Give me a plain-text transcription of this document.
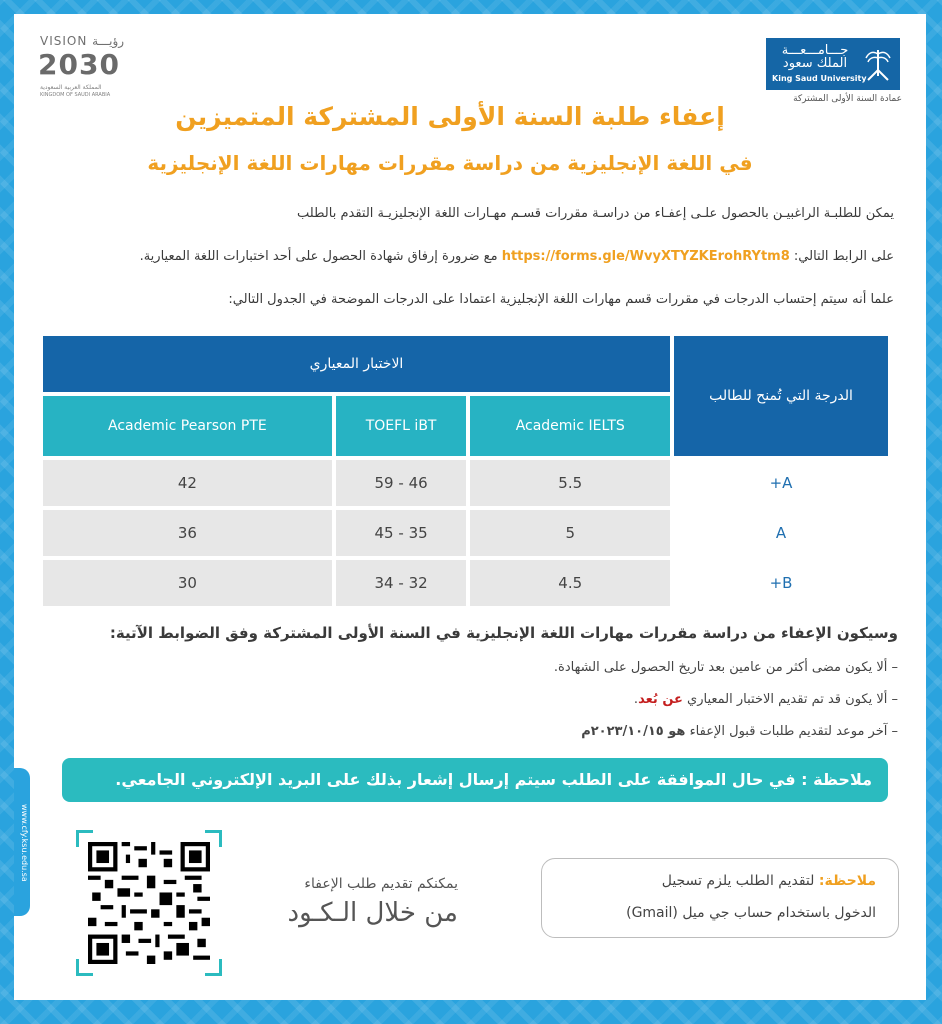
VISION رؤيـــة
2030
المملكة العربية السعودية
KINGDOM OF SAUDI ARABIA
جـــامـــعـــة الملك سعود
King Saud University
عمادة السنة الأولى المشتركة
إعفاء طلبة السنة الأولى المشتركة المتميزين
في اللغة الإنجليزية من دراسة مقررات مهارات اللغة الإنجليزية
يمكن للطلبـة الراغبيـن بالحصول علـى إعفـاء من دراسـة مقررات قسـم مهـارات اللغة الإنجليزيـة التقدم بالطلب
على الرابط التالي: https://forms.gle/WvyXTYZKErohRYtm8 مع ضرورة إرفاق شهادة الحصول على أحد اختبارات اللغة المعيارية.
علما أنه سيتم إحتساب الدرجات في مقررات قسم مهارات اللغة الإنجليزية اعتمادا على الدرجات الموضحة في الجدول التالي:
الدرجة التي تُمنح للطالب	الاختبار المعياري		
	Academic IELTS	TOEFL iBT	Academic Pearson PTE
A+	5.5	46 - 59	42
A	5	35 - 45	36
B+	4.5	32 - 34	30
وسيكون الإعفاء من دراسة مقررات مهارات اللغة الإنجليزية في السنة الأولى المشتركة وفق الضوابط الآتية:
– ألا يكون مضى أكثر من عامين بعد تاريخ الحصول على الشهادة.
– ألا يكون قد تم تقديم الاختبار المعياري عن بُعد.
– آخر موعد لتقديم طلبات قبول الإعفاء هو ٢٠٢٣/١٠/١٥م
ملاحظة : في حال الموافقة على الطلب سيتم إرسال إشعار بذلك على البريد الإلكتروني الجامعي.
www.cfy.ksu.edu.sa
يمكنكم تقديم طلب الإعفاء
من خلال الـكـود
ملاحظة: لتقديم الطلب يلزم تسجيل
الدخول باستخدام حساب جي ميل (Gmail)
